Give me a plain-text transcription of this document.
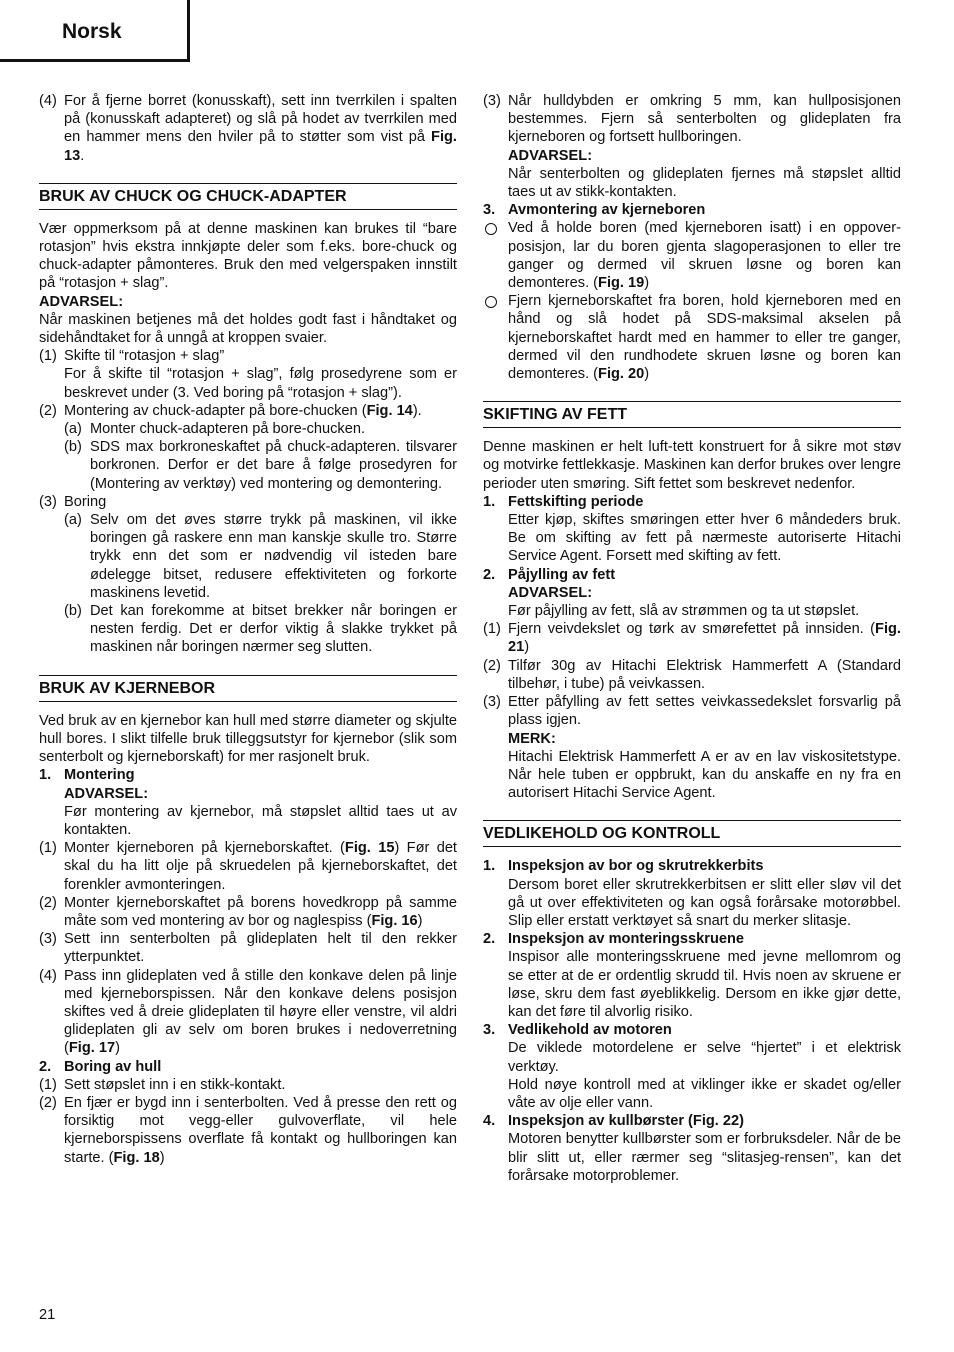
Norsk

(4) For å fjerne borret (konusskaft), sett inn tverrkilen i spalten på (konusskaft adapteret) og slå på hodet av tverrkilen med en hammer mens den hviler på to støtter som vist på Fig. 13.

BRUK AV CHUCK OG CHUCK-ADAPTER

Vær oppmerksom på at denne maskinen kan brukes til “bare rotasjon” hvis ekstra innkjøpte deler som f.eks. bore-chuck og chuck-adapter påmonteres. Bruk den med velgerspaken innstilt på “rotasjon + slag”.

ADVARSEL:

Når maskinen betjenes må det holdes godt fast i håndtaket og sidehåndtaket for å unngå at kroppen svaier.

(1) Skifte til “rotasjon + slag”

For å skifte til “rotasjon + slag”, følg prosedyrene som er beskrevet under (3. Ved boring på “rotasjon + slag”).

(2) Montering av chuck-adapter på bore-chucken (Fig. 14).

(a) Monter chuck-adapteren på bore-chucken.

(b) SDS max borkroneskaftet på chuck-adapteren. tilsvarer borkronen. Derfor er det bare å følge prosedyren for (Montering av verktøy) ved montering og demontering.

(3) Boring

(a) Selv om det øves større trykk på maskinen, vil ikke boringen gå raskere enn man kanskje skulle tro. Større trykk enn det som er nødvendig vil isteden bare ødelegge bitset, redusere effektiviteten og forkorte maskinens levetid.

(b) Det kan forekomme at bitset brekker når boringen er nesten ferdig. Det er derfor viktig å slakke trykket på maskinen når boringen nærmer seg slutten.

BRUK AV KJERNEBOR

Ved bruk av en kjernebor kan hull med større diameter og skjulte hull bores. I slikt tilfelle bruk tilleggsutstyr for kjernebor (slik som senterbolt og kjerneborskaft) for mer rasjonelt bruk.

1. Montering

ADVARSEL:

Før montering av kjernebor, må støpslet alltid taes ut av kontakten.

(1) Monter kjerneboren på kjerneborskaftet. (Fig. 15) Før det skal du ha litt olje på skruedelen på kjerneborskaftet, det forenkler avmonteringen.

(2) Monter kjerneborskaftet på borens hovedkropp på samme måte som ved montering av bor og naglespiss (Fig. 16)

(3) Sett inn senterbolten på glideplaten helt til den rekker ytterpunktet.

(4) Pass inn glideplaten ved å stille den konkave delen på linje med kjerneborspissen. Når den konkave delens posisjon skiftes ved å dreie glideplaten til høyre eller venstre, vil aldri glideplaten gli av selv om boren brukes i nedoverretning (Fig. 17)

2. Boring av hull

(1) Sett støpslet inn i en stikk-kontakt.

(2) En fjær er bygd inn i senterbolten. Ved å presse den rett og forsiktig mot vegg-eller gulvoverflate, vil hele kjerneborspissens overflate få kontakt og hullboringen kan starte. (Fig. 18)

(3) Når hulldybden er omkring 5 mm, kan hullposisjonen bestemmes. Fjern så senterbolten og glideplaten fra kjerneboren og fortsett hullboringen.

ADVARSEL:

Når senterbolten og glideplaten fjernes må støpslet alltid taes ut av stikk-kontakten.

3. Avmontering av kjerneboren

Ved å holde boren (med kjerneboren isatt) i en oppover-posisjon, lar du boren gjenta slagoperasjonen to eller tre ganger og dermed vil skruen løsne og boren kan demonteres. (Fig. 19)

Fjern kjerneborskaftet fra boren, hold kjerneboren med en hånd og slå hodet på SDS-maksimal akselen på kjerneborskaftet hardt med en hammer to eller tre ganger, dermed vil den rundhodete skruen løsne og boren kan demonteres. (Fig. 20)

SKIFTING AV FETT

Denne maskinen er helt luft-tett konstruert for å sikre mot støv og motvirke fettlekkasje. Maskinen kan derfor brukes over lengre perioder uten smøring. Sift fettet som beskrevet nedenfor.

1. Fettskifting periode

Etter kjøp, skiftes smøringen etter hver 6 måndeders bruk. Be om skifting av fett på nærmeste autoriserte Hitachi Service Agent. Forsett med skifting av fett.

2. Påjylling av fett

ADVARSEL:

Før påjylling av fett, slå av strømmen og ta ut støpslet.

(1) Fjern veivdekslet og tørk av smørefettet på innsiden. (Fig. 21)

(2) Tilfør 30g av Hitachi Elektrisk Hammerfett A (Standard tilbehør, i tube) på veivkassen.

(3) Etter påfylling av fett settes veivkassedekslet forsvarlig på plass igjen.

MERK:

Hitachi Elektrisk Hammerfett A er av en lav viskositetstype. Når hele tuben er oppbrukt, kan du anskaffe en ny fra en autorisert Hitachi Service Agent.

VEDLIKEHOLD OG KONTROLL

1. Inspeksjon av bor og skrutrekkerbits

Dersom boret eller skrutrekkerbitsen er slitt eller sløv vil det gå ut over effektiviteten og kan også forårsake motorøbbel. Slip eller erstatt verktøyet så snart du merker slitasje.

2. Inspeksjon av monteringsskruene

Inspisor alle monteringsskruene med jevne mellomrom og se etter at de er ordentlig skrudd til. Hvis noen av skruene er løse, skru dem fast øyeblikkelig. Dersom en ikke gjør dette, kan det føre til alvorlig risiko.

3. Vedlikehold av motoren

De viklede motordelene er selve “hjertet” i et elektrisk verktøy.

Hold nøye kontroll med at viklinger ikke er skadet og/eller våte av olje eller vann.

4. Inspeksjon av kullbørster (Fig. 22)

Motoren benytter kullbørster som er forbruksdeler. Når de be blir slitt ut, eller rærmer seg “slitasjeg-rensen”, kan det forårsake motorproblemer.

21
